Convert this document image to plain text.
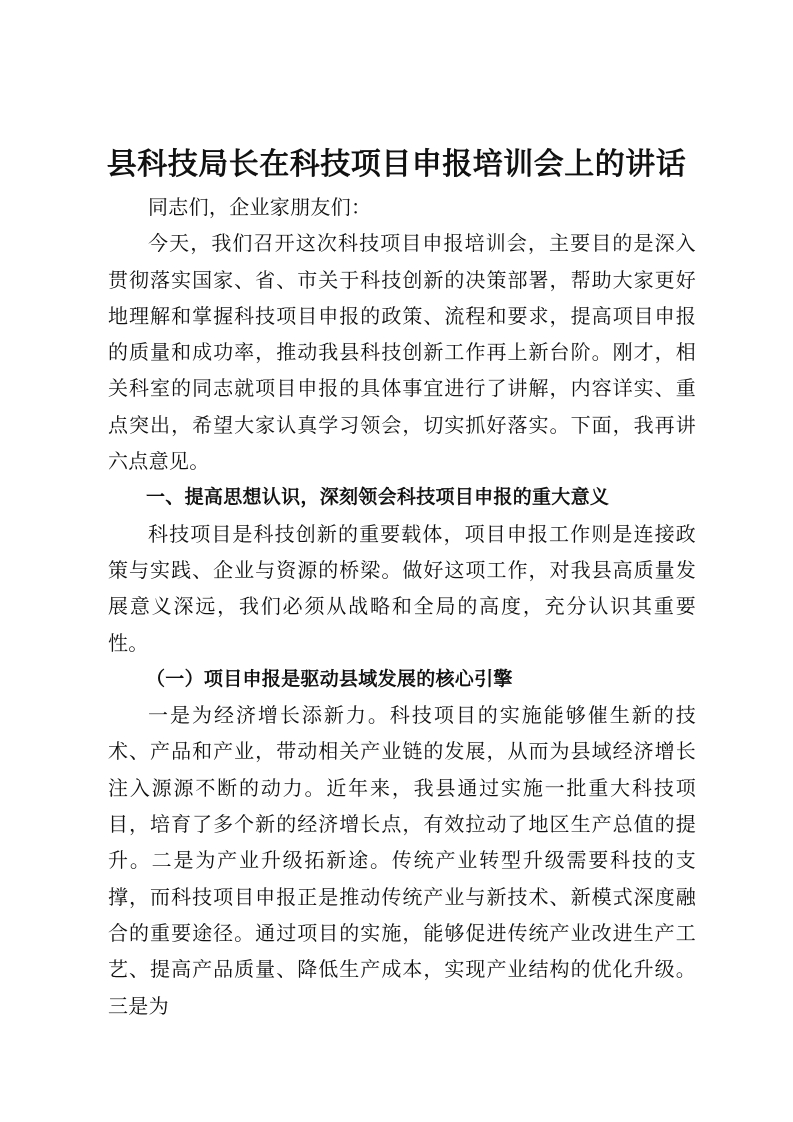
县科技局长在科技项目申报培训会上的讲话

同志们，企业家朋友们：

今天，我们召开这次科技项目申报培训会，主要目的是深入贯彻落实国家、省、市关于科技创新的决策部署，帮助大家更好地理解和掌握科技项目申报的政策、流程和要求，提高项目申报的质量和成功率，推动我县科技创新工作再上新台阶。刚才，相关科室的同志就项目申报的具体事宜进行了讲解，内容详实、重点突出，希望大家认真学习领会，切实抓好落实。下面，我再讲六点意见。

一、提高思想认识，深刻领会科技项目申报的重大意义

科技项目是科技创新的重要载体，项目申报工作则是连接政策与实践、企业与资源的桥梁。做好这项工作，对我县高质量发展意义深远，我们必须从战略和全局的高度，充分认识其重要性。

（一）项目申报是驱动县域发展的核心引擎

一是为经济增长添新力。科技项目的实施能够催生新的技术、产品和产业，带动相关产业链的发展，从而为县域经济增长注入源源不断的动力。近年来，我县通过实施一批重大科技项目，培育了多个新的经济增长点，有效拉动了地区生产总值的提升。二是为产业升级拓新途。传统产业转型升级需要科技的支撑，而科技项目申报正是推动传统产业与新技术、新模式深度融合的重要途径。通过项目的实施，能够促进传统产业改进生产工艺、提高产品质量、降低生产成本，实现产业结构的优化升级。三是为
